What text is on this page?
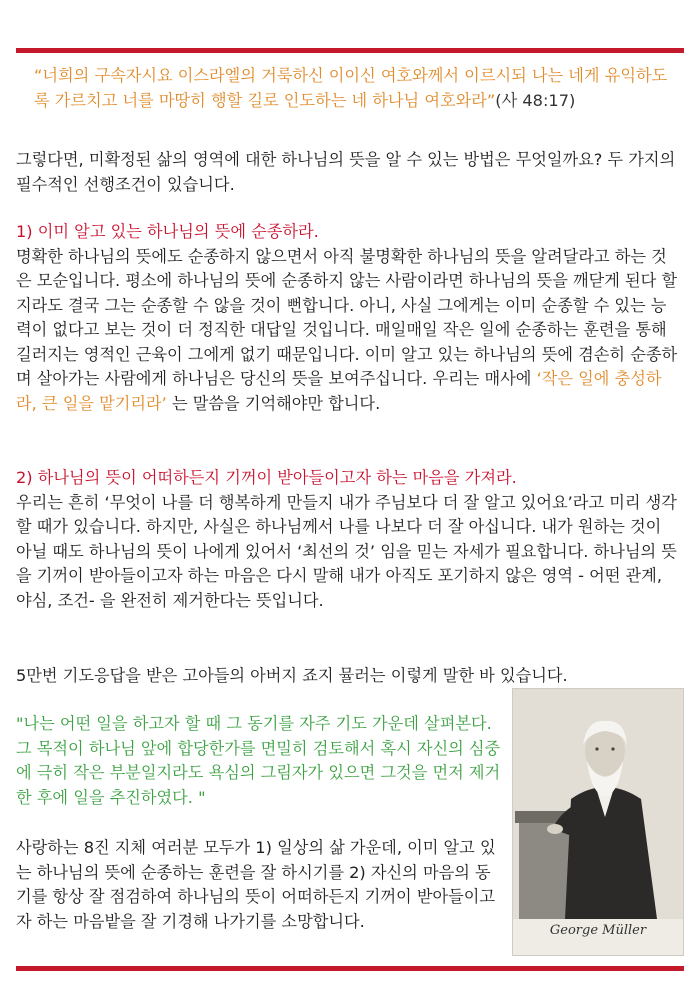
“너희의 구속자시요 이스라엘의 거룩하신 이이신 여호와께서 이르시되 나는 네게 유익하도록 가르치고 너를 마땅히 행할 길로 인도하는 네 하나님 여호와라”(사 48:17)

그렇다면, 미확정된 삶의 영역에 대한 하나님의 뜻을 알 수 있는 방법은 무엇일까요? 두 가지의 필수적인 선행조건이 있습니다.

1) 이미 알고 있는 하나님의 뜻에 순종하라.

명확한 하나님의 뜻에도 순종하지 않으면서 아직 불명확한 하나님의 뜻을 알려달라고 하는 것은 모순입니다. 평소에 하나님의 뜻에 순종하지 않는 사람이라면 하나님의 뜻을 깨닫게 된다 할지라도 결국 그는 순종할 수 않을 것이 뻔합니다. 아니, 사실 그에게는 이미 순종할 수 있는 능력이 없다고 보는 것이 더 정직한 대답일 것입니다. 매일매일 작은 일에 순종하는 훈련을 통해 길러지는 영적인 근육이 그에게 없기 때문입니다. 이미 알고 있는 하나님의 뜻에 겸손히 순종하며 살아가는 사람에게 하나님은 당신의 뜻을 보여주십니다. 우리는 매사에 ‘작은 일에 충성하라, 큰 일을 맡기리라’ 는 말씀을 기억해야만 합니다.

2) 하나님의 뜻이 어떠하든지 기꺼이 받아들이고자 하는 마음을 가져라.

우리는 흔히 ‘무엇이 나를 더 행복하게 만들지 내가 주님보다 더 잘 알고 있어요’라고 미리 생각할 때가 있습니다. 하지만, 사실은 하나님께서 나를 나보다 더 잘 아십니다. 내가 원하는 것이 아닐 때도 하나님의 뜻이 나에게 있어서 ‘최선의 것’ 임을 믿는 자세가 필요합니다. 하나님의 뜻을 기꺼이 받아들이고자 하는 마음은 다시 말해 내가 아직도 포기하지 않은 영역 - 어떤 관계, 야심, 조건- 을 완전히 제거한다는 뜻입니다.

5만번 기도응답을 받은 고아들의 아버지 죠지 뮬러는 이렇게 말한 바 있습니다.

"나는 어떤 일을 하고자 할 때 그 동기를 자주 기도 가운데 살펴본다. 그 목적이 하나님 앞에 합당한가를 면밀히 검토해서 혹시 자신의 심중에 극히 작은 부분일지라도 욕심의 그림자가 있으면 그것을 먼저 제거한 후에 일을 추진하였다. "

사랑하는 8진 지체 여러분 모두가 1) 일상의 삶 가운데, 이미 알고 있는 하나님의 뜻에 순종하는 훈련을 잘 하시기를 2) 자신의 마음의 동기를 항상 잘 점검하여 하나님의 뜻이 어떠하든지 기꺼이 받아들이고자 하는 마음밭을 잘 기경해 나가기를 소망합니다.	George Müller
